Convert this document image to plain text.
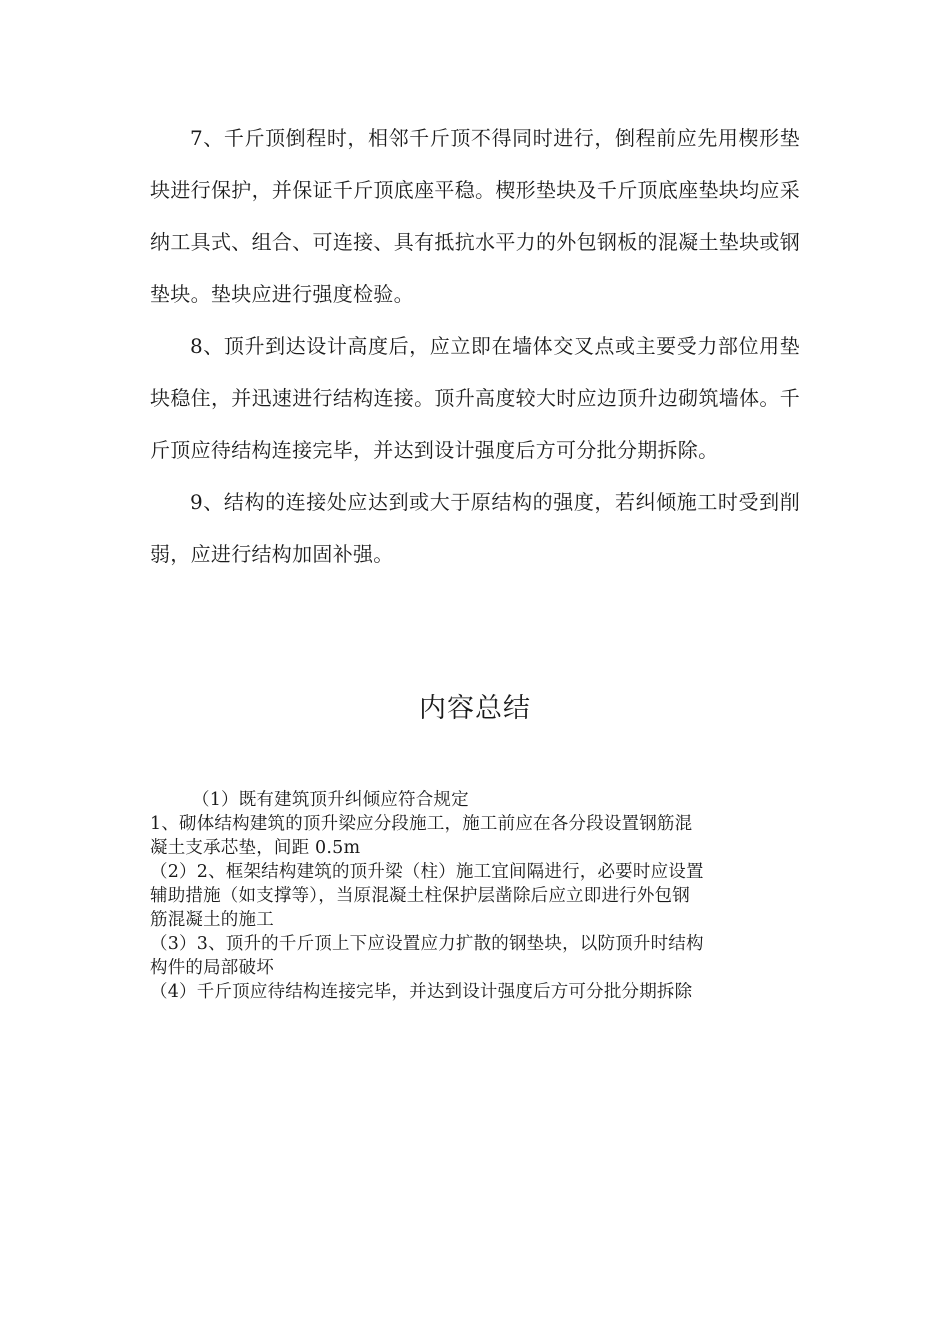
7、千斤顶倒程时，相邻千斤顶不得同时进行，倒程前应先用楔形垫块进行保护，并保证千斤顶底座平稳。楔形垫块及千斤顶底座垫块均应采纳工具式、组合、可连接、具有抵抗水平力的外包钢板的混凝土垫块或钢垫块。垫块应进行强度检验。

8、顶升到达设计高度后，应立即在墙体交叉点或主要受力部位用垫块稳住，并迅速进行结构连接。顶升高度较大时应边顶升边砌筑墙体。千斤顶应待结构连接完毕，并达到设计强度后方可分批分期拆除。

9、结构的连接处应达到或大于原结构的强度，若纠倾施工时受到削弱，应进行结构加固补强。

内容总结

（1）既有建筑顶升纠倾应符合规定

1、砌体结构建筑的顶升梁应分段施工，施工前应在各分段设置钢筋混

凝土支承芯垫，间距 0.5m

（2）2、框架结构建筑的顶升梁（柱）施工宜间隔进行，必要时应设置

辅助措施（如支撑等），当原混凝土柱保护层凿除后应立即进行外包钢

筋混凝土的施工

（3）3、顶升的千斤顶上下应设置应力扩散的钢垫块，以防顶升时结构

构件的局部破坏

（4）千斤顶应待结构连接完毕，并达到设计强度后方可分批分期拆除
